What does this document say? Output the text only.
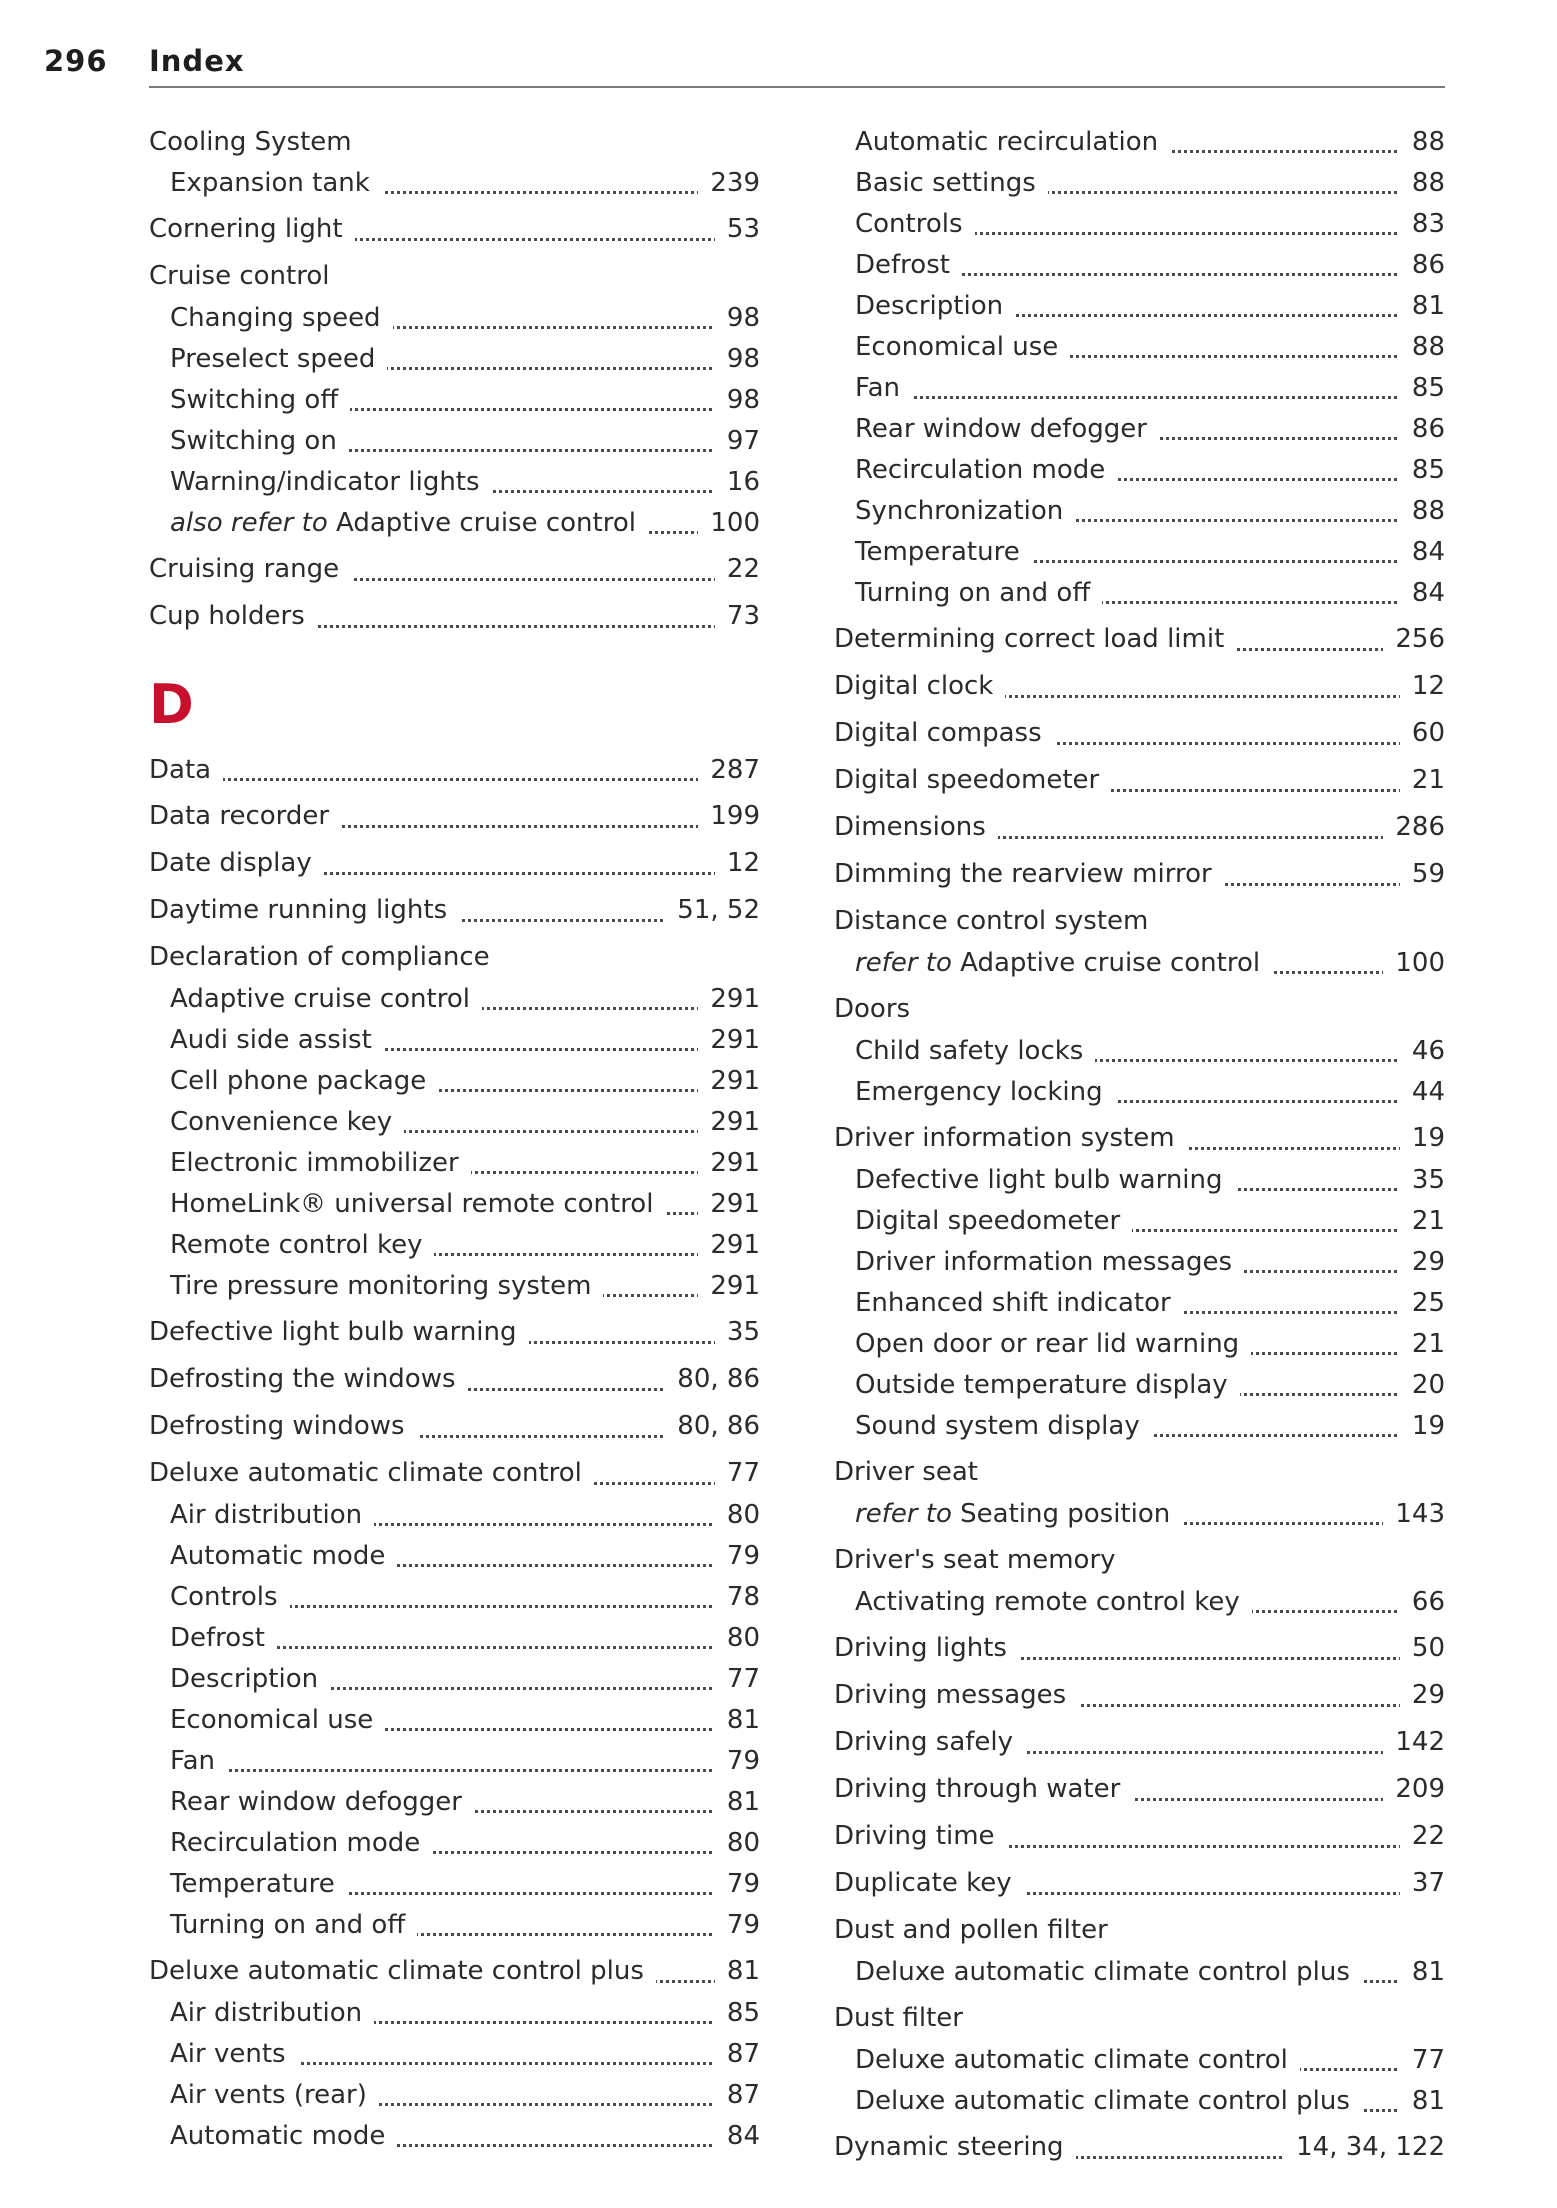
296 Index
Cooling System
Expansion tank	239
Cornering light	53
Cruise control
Changing speed	98
Preselect speed	98
Switching off	98
Switching on	97
Warning/indicator lights	16
also refer to Adaptive cruise control	100
Cruising range	22
Cup holders	73
D
Data	287
Data recorder	199
Date display	12
Daytime running lights	51, 52
Declaration of compliance
Adaptive cruise control	291
Audi side assist	291
Cell phone package	291
Convenience key	291
Electronic immobilizer	291
HomeLink® universal remote control	291
Remote control key	291
Tire pressure monitoring system	291
Defective light bulb warning	35
Defrosting the windows	80, 86
Defrosting windows	80, 86
Deluxe automatic climate control	77
Air distribution	80
Automatic mode	79
Controls	78
Defrost	80
Description	77
Economical use	81
Fan	79
Rear window defogger	81
Recirculation mode	80
Temperature	79
Turning on and off	79
Deluxe automatic climate control plus	81
Air distribution	85
Air vents	87
Air vents (rear)	87
Automatic mode	84
Automatic recirculation	88
Basic settings	88
Controls	83
Defrost	86
Description	81
Economical use	88
Fan	85
Rear window defogger	86
Recirculation mode	85
Synchronization	88
Temperature	84
Turning on and off	84
Determining correct load limit	256
Digital clock	12
Digital compass	60
Digital speedometer	21
Dimensions	286
Dimming the rearview mirror	59
Distance control system
refer to Adaptive cruise control	100
Doors
Child safety locks	46
Emergency locking	44
Driver information system	19
Defective light bulb warning	35
Digital speedometer	21
Driver information messages	29
Enhanced shift indicator	25
Open door or rear lid warning	21
Outside temperature display	20
Sound system display	19
Driver seat
refer to Seating position	143
Driver's seat memory
Activating remote control key	66
Driving lights	50
Driving messages	29
Driving safely	142
Driving through water	209
Driving time	22
Duplicate key	37
Dust and pollen filter
Deluxe automatic climate control plus	81
Dust filter
Deluxe automatic climate control	77
Deluxe automatic climate control plus	81
Dynamic steering	14, 34, 122
